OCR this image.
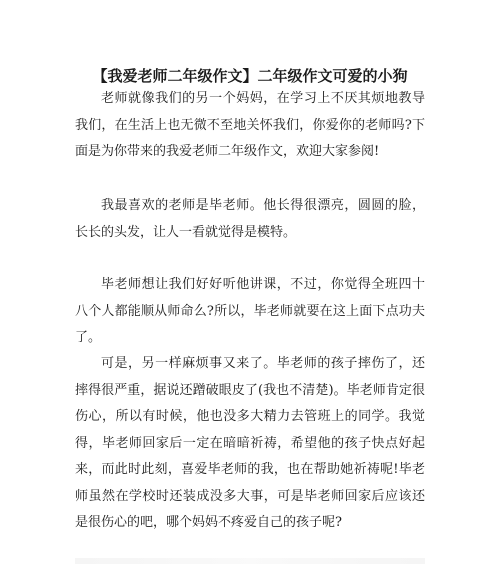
【我爱老师二年级作文】二年级作文可爱的小狗

老师就像我们的另一个妈妈，在学习上不厌其烦地教导我们，在生活上也无微不至地关怀我们，你爱你的老师吗?下面是为你带来的我爱老师二年级作文，欢迎大家参阅!

我最喜欢的老师是毕老师。他长得很漂亮，圆圆的脸，长长的头发，让人一看就觉得是模特。

毕老师想让我们好好听他讲课，不过，你觉得全班四十八个人都能顺从师命么?所以，毕老师就要在这上面下点功夫了。

可是，另一样麻烦事又来了。毕老师的孩子摔伤了，还摔得很严重，据说还蹭破眼皮了(我也不清楚)。毕老师肯定很伤心，所以有时候，他也没多大精力去管班上的同学。我觉得，毕老师回家后一定在暗暗祈祷，希望他的孩子快点好起来，而此时此刻，喜爱毕老师的我，也在帮助她祈祷呢!毕老师虽然在学校时还装成没多大事，可是毕老师回家后应该还是很伤心的吧，哪个妈妈不疼爱自己的孩子呢?
